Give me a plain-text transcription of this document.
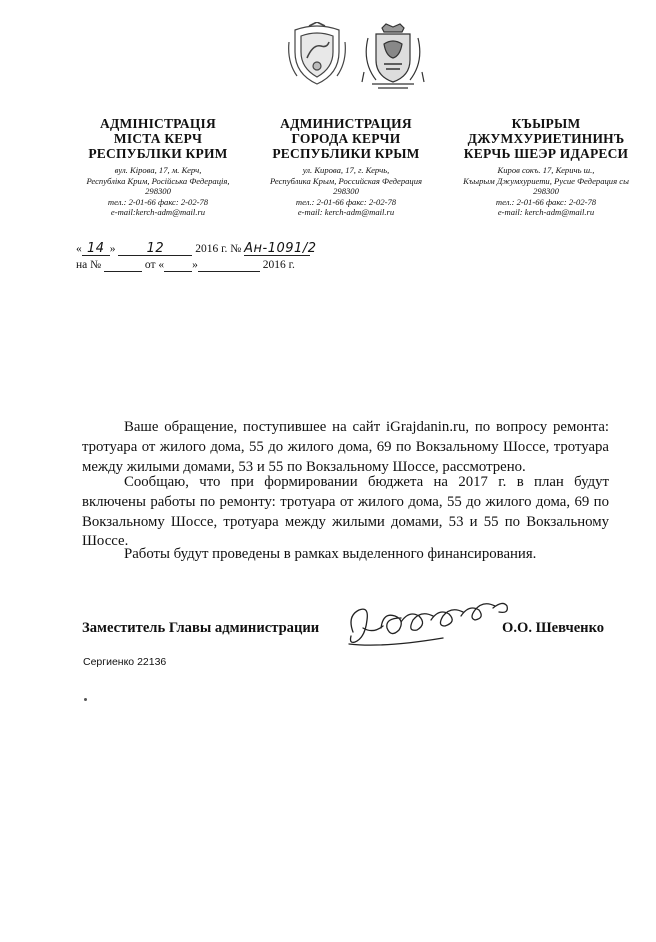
АДМІНІСТРАЦІЯ
МІСТА КЕРЧ
РЕСПУБЛІКИ КРИМ
вул. Кірова, 17, м. Керч,
Республіка Крим, Російська Федерація,
298300
тел.: 2-01-66 факс: 2-02-78
e-mail:kerch-adm@mail.ru
АДМИНИСТРАЦИЯ
ГОРОДА КЕРЧИ
РЕСПУБЛИКИ КРЫМ
ул. Кирова, 17, г. Керчь,
Республика Крым, Российская Федерация
298300
тел.: 2-01-66 факс: 2-02-78
e-mail: kerch-adm@mail.ru
КЪЫРЫМ
ДЖУМХУРИЕТИНИНЪ
КЕРЧЬ ШЕЭР ИДАРЕСИ
Киров сокъ. 17, Керичь ш.,
Къырым Джумхуриети, Русие Федерация сы
298300
тел.: 2-01-66 факс: 2-02-78
e-mail: kerch-adm@mail.ru
« 14 » 12	2016 г. № Ан-1091/2
на №	от « »	2016 г.
Ваше обращение, поступившее на сайт iGrajdanin.ru, по вопросу ремонта: тротуара от жилого дома, 55 до жилого дома, 69 по Вокзальному Шоссе, тротуара между жилыми домами, 53 и 55 по Вокзальному Шоссе, рассмотрено.
Сообщаю, что при формировании бюджета на 2017 г. в план будут включены работы по ремонту: тротуара от жилого дома, 55 до жилого дома, 69 по Вокзальному Шоссе, тротуара между жилыми домами, 53 и 55 по Вокзальному Шоссе.
Работы будут проведены в рамках выделенного финансирования.
Заместитель Главы администрации	О.О. Шевченко
Сергиенко 22136
